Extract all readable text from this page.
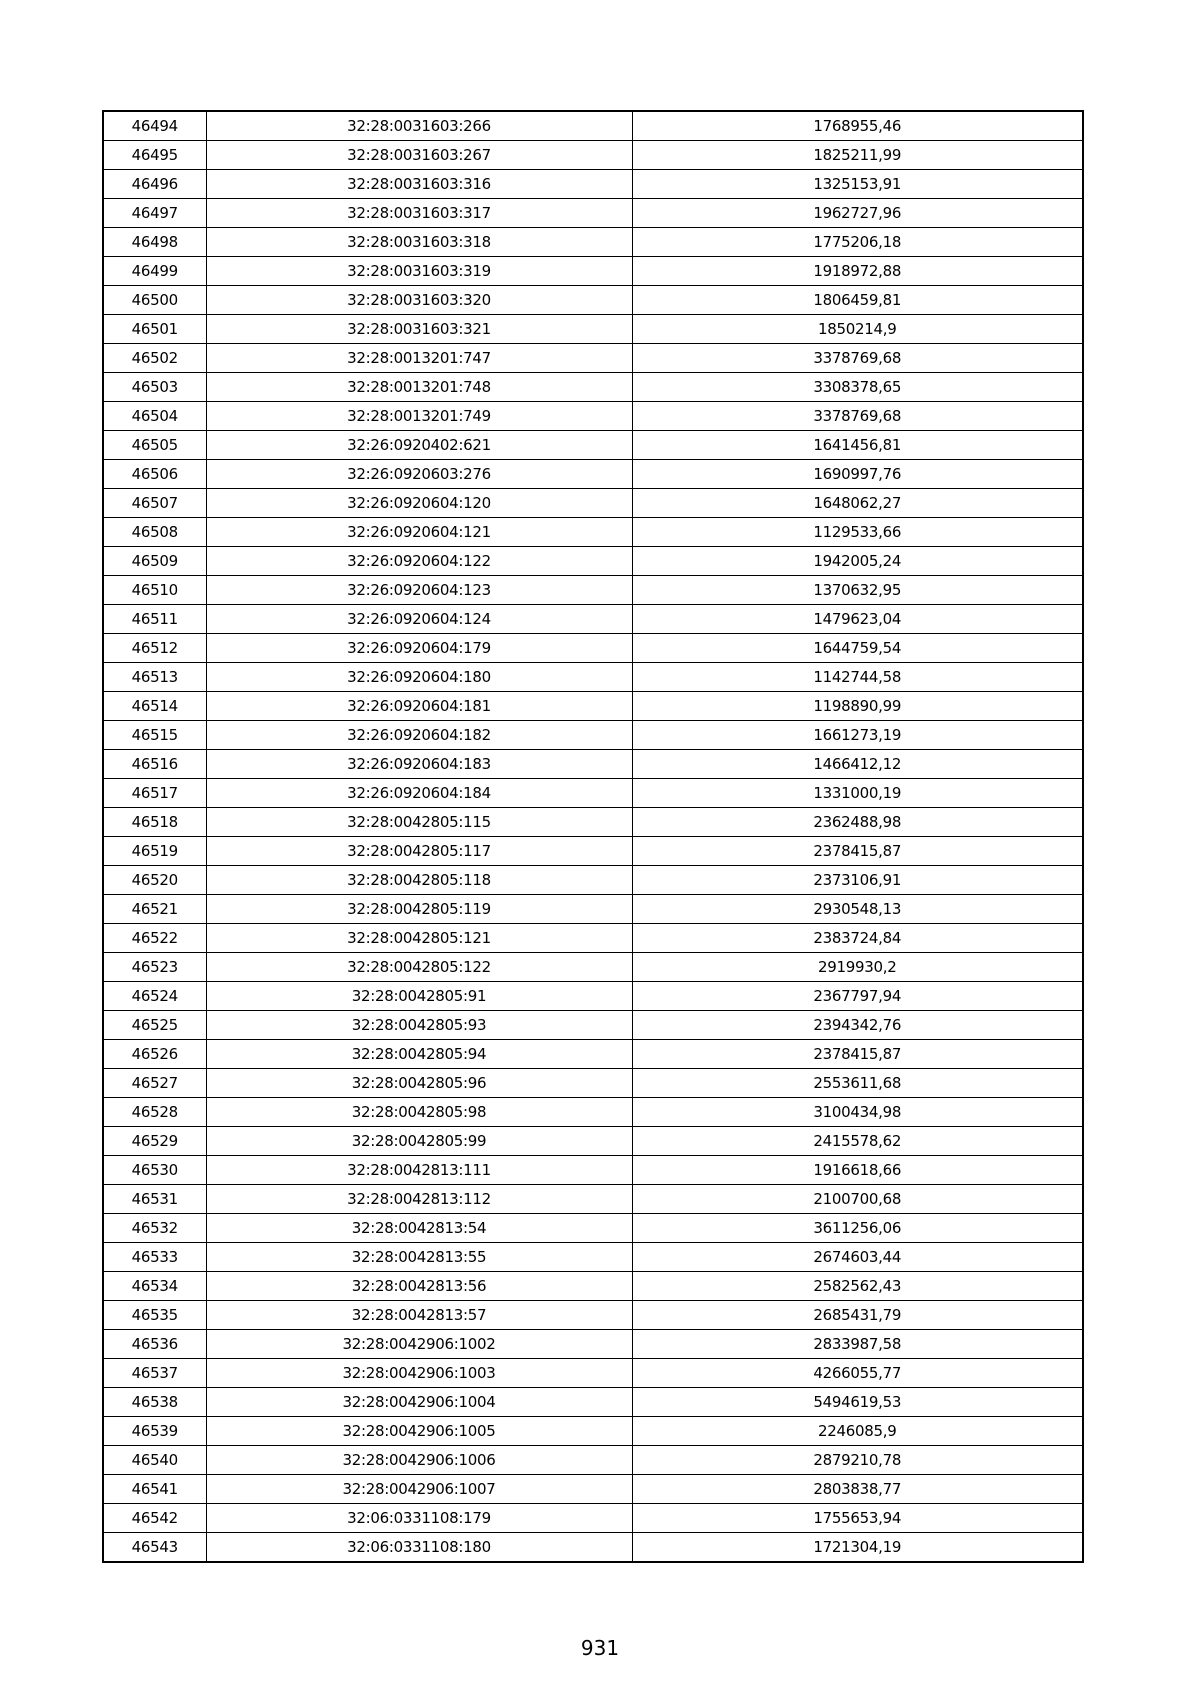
46494	32:28:0031603:266	1768955,46
46495	32:28:0031603:267	1825211,99
46496	32:28:0031603:316	1325153,91
46497	32:28:0031603:317	1962727,96
46498	32:28:0031603:318	1775206,18
46499	32:28:0031603:319	1918972,88
46500	32:28:0031603:320	1806459,81
46501	32:28:0031603:321	1850214,9
46502	32:28:0013201:747	3378769,68
46503	32:28:0013201:748	3308378,65
46504	32:28:0013201:749	3378769,68
46505	32:26:0920402:621	1641456,81
46506	32:26:0920603:276	1690997,76
46507	32:26:0920604:120	1648062,27
46508	32:26:0920604:121	1129533,66
46509	32:26:0920604:122	1942005,24
46510	32:26:0920604:123	1370632,95
46511	32:26:0920604:124	1479623,04
46512	32:26:0920604:179	1644759,54
46513	32:26:0920604:180	1142744,58
46514	32:26:0920604:181	1198890,99
46515	32:26:0920604:182	1661273,19
46516	32:26:0920604:183	1466412,12
46517	32:26:0920604:184	1331000,19
46518	32:28:0042805:115	2362488,98
46519	32:28:0042805:117	2378415,87
46520	32:28:0042805:118	2373106,91
46521	32:28:0042805:119	2930548,13
46522	32:28:0042805:121	2383724,84
46523	32:28:0042805:122	2919930,2
46524	32:28:0042805:91	2367797,94
46525	32:28:0042805:93	2394342,76
46526	32:28:0042805:94	2378415,87
46527	32:28:0042805:96	2553611,68
46528	32:28:0042805:98	3100434,98
46529	32:28:0042805:99	2415578,62
46530	32:28:0042813:111	1916618,66
46531	32:28:0042813:112	2100700,68
46532	32:28:0042813:54	3611256,06
46533	32:28:0042813:55	2674603,44
46534	32:28:0042813:56	2582562,43
46535	32:28:0042813:57	2685431,79
46536	32:28:0042906:1002	2833987,58
46537	32:28:0042906:1003	4266055,77
46538	32:28:0042906:1004	5494619,53
46539	32:28:0042906:1005	2246085,9
46540	32:28:0042906:1006	2879210,78
46541	32:28:0042906:1007	2803838,77
46542	32:06:0331108:179	1755653,94
46543	32:06:0331108:180	1721304,19
931
